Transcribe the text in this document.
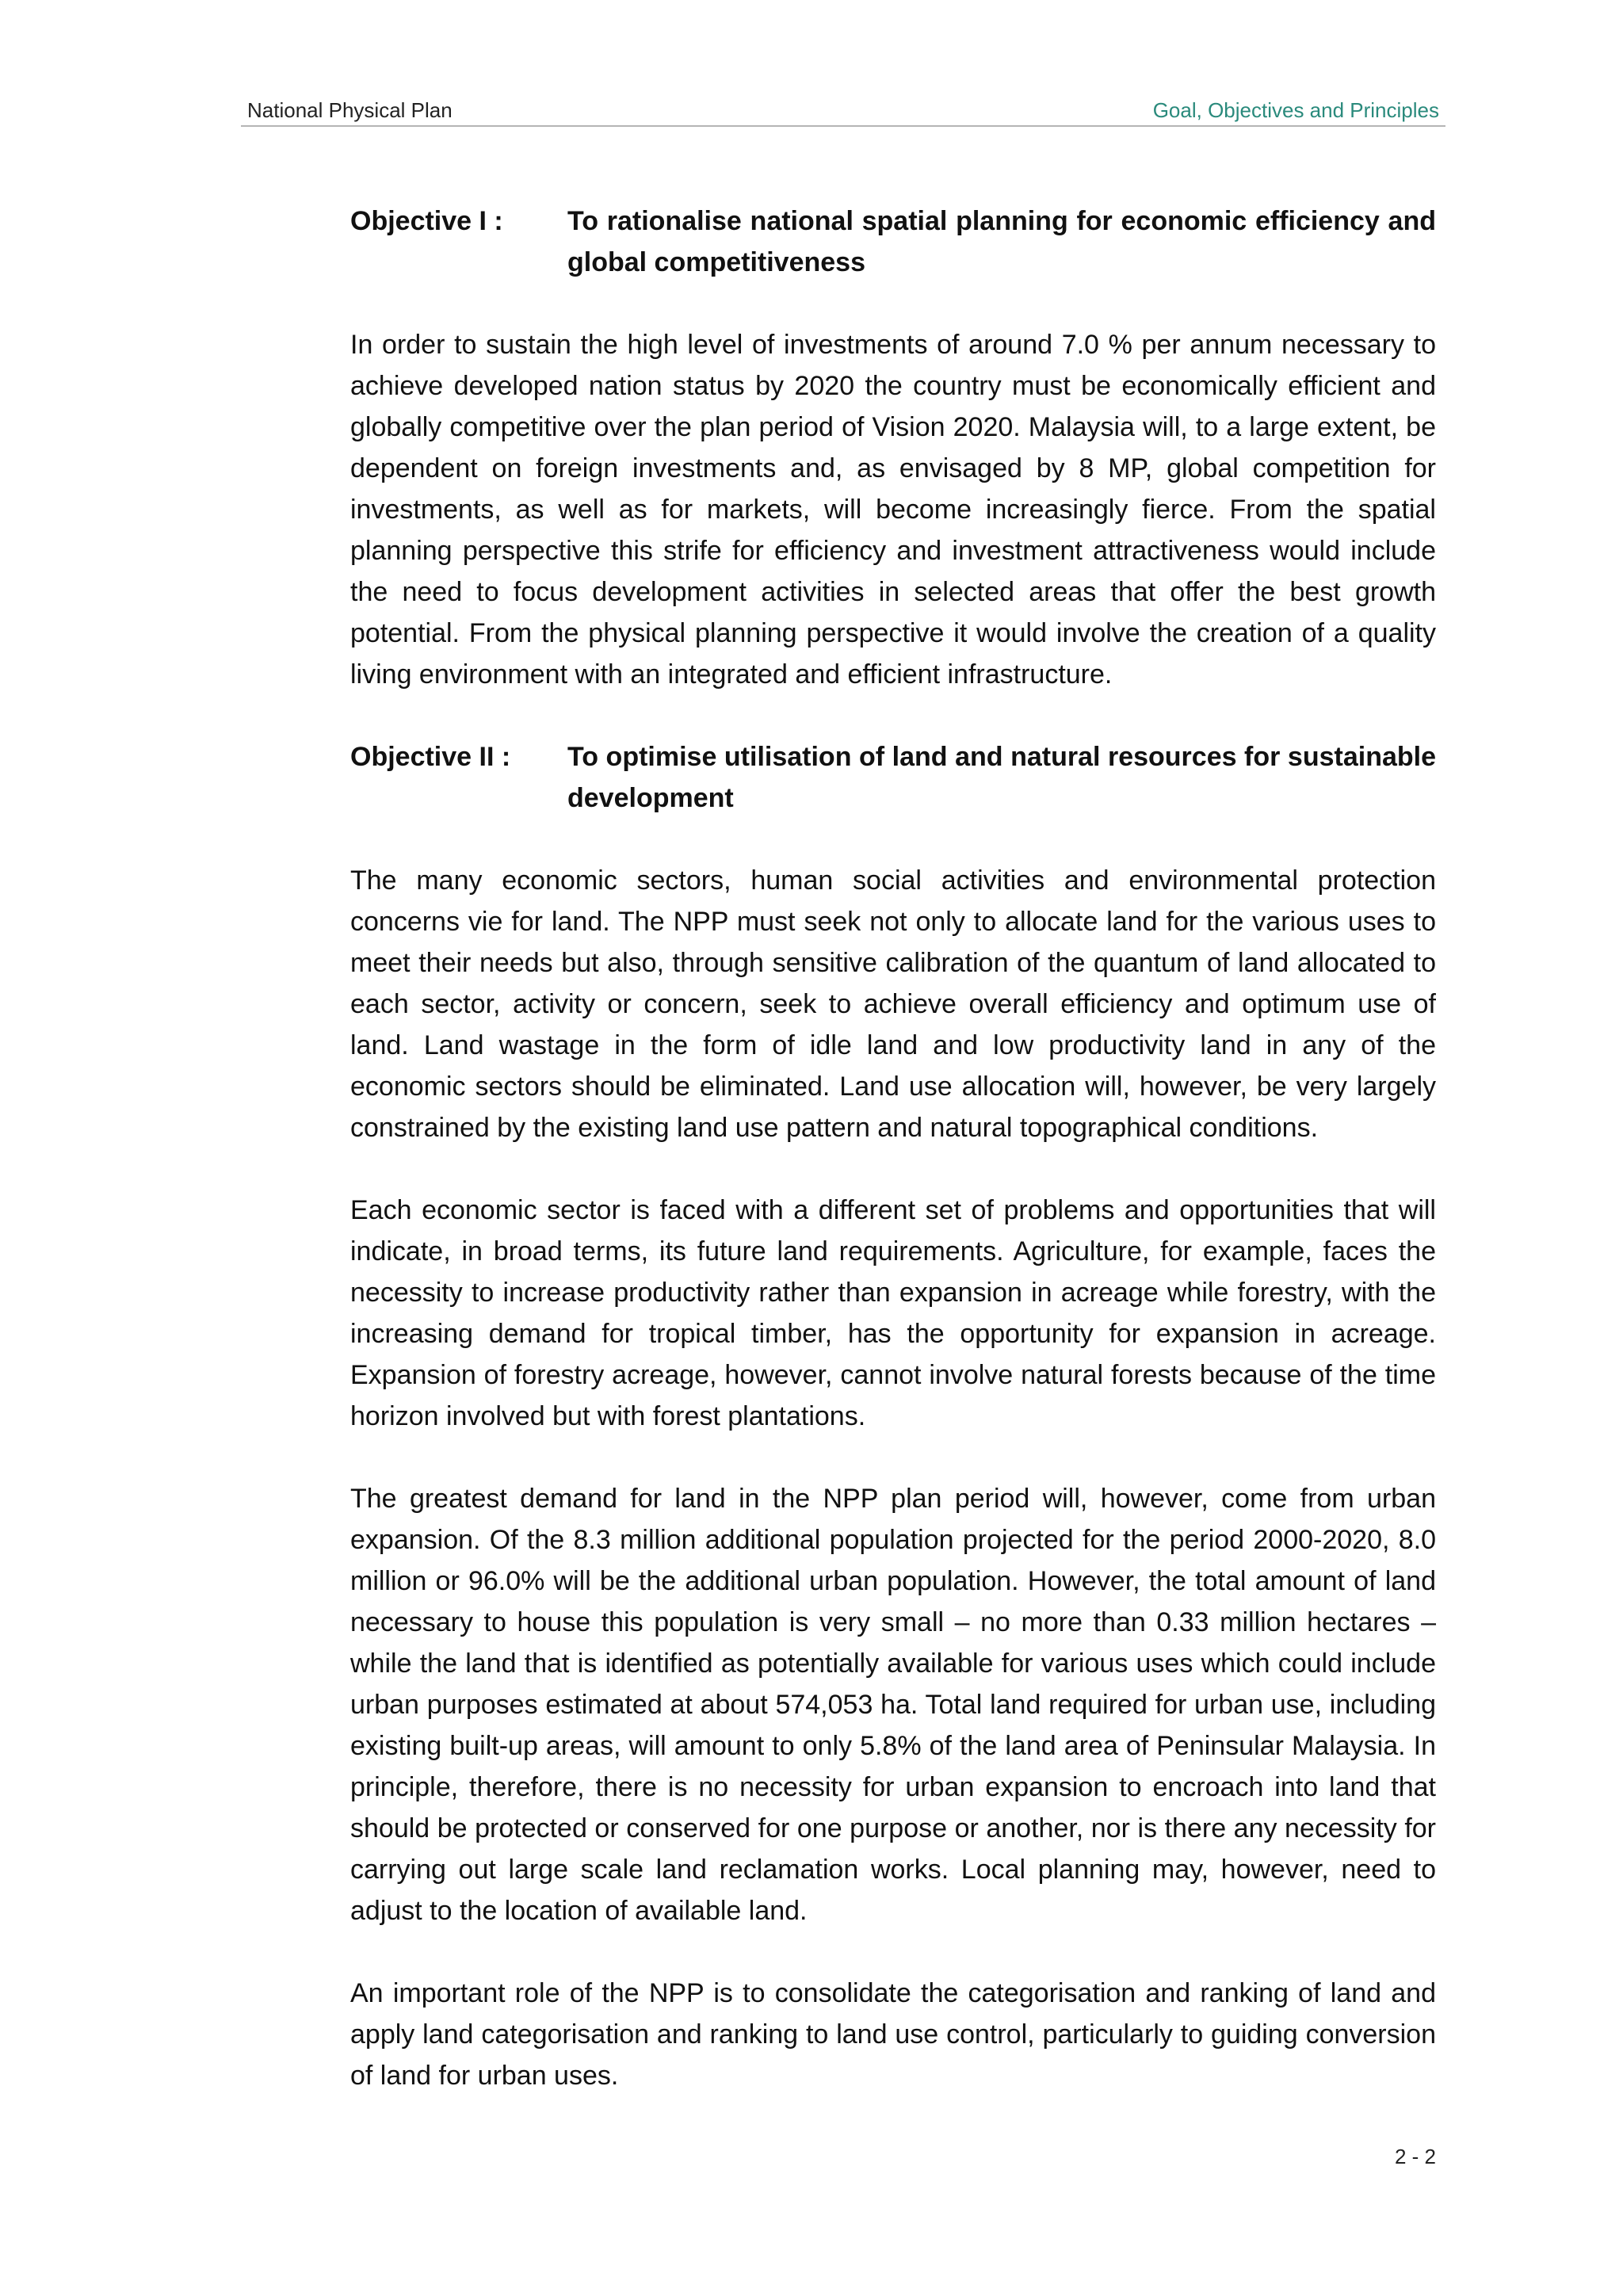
National Physical Plan	Goal, Objectives and Principles
Objective I :	To rationalise national spatial planning for economic efficiency and global competitiveness

In order to sustain the high level of investments of around 7.0 % per annum necessary to achieve developed nation status by 2020 the country must be economically efficient and globally competitive over the plan period of Vision 2020. Malaysia will, to a large extent, be dependent on foreign investments and, as envisaged by 8 MP, global competition for investments, as well as for markets, will become increasingly fierce. From the spatial planning perspective this strife for efficiency and investment attractiveness would include the need to focus development activities in selected areas that offer the best growth potential. From the physical planning perspective it would involve the creation of a quality living environment with an integrated and efficient infrastructure.

Objective II :	To optimise utilisation of land and natural resources for sustainable development

The many economic sectors, human social activities and environmental protection concerns vie for land. The NPP must seek not only to allocate land for the various uses to meet their needs but also, through sensitive calibration of the quantum of land allocated to each sector, activity or concern, seek to achieve overall efficiency and optimum use of land. Land wastage in the form of idle land and low productivity land in any of the economic sectors should be eliminated. Land use allocation will, however, be very largely constrained by the existing land use pattern and natural topographical conditions.

Each economic sector is faced with a different set of problems and opportunities that will indicate, in broad terms, its future land requirements. Agriculture, for example, faces the necessity to increase productivity rather than expansion in acreage while forestry, with the increasing demand for tropical timber, has the opportunity for expansion in acreage. Expansion of forestry acreage, however, cannot involve natural forests because of the time horizon involved but with forest plantations.

The greatest demand for land in the NPP plan period will, however, come from urban expansion. Of the 8.3 million additional population projected for the period 2000-2020, 8.0 million or 96.0% will be the additional urban population. However, the total amount of land necessary to house this population is very small – no more than 0.33 million hectares – while the land that is identified as potentially available for various uses which could include urban purposes estimated at about 574,053 ha. Total land required for urban use, including existing built-up areas, will amount to only 5.8% of the land area of Peninsular Malaysia. In principle, therefore, there is no necessity for urban expansion to encroach into land that should be protected or conserved for one purpose or another, nor is there any necessity for carrying out large scale land reclamation works. Local planning may, however, need to adjust to the location of available land.

An important role of the NPP is to consolidate the categorisation and ranking of land and apply land categorisation and ranking to land use control, particularly to guiding conversion of land for urban uses.

2 - 2
